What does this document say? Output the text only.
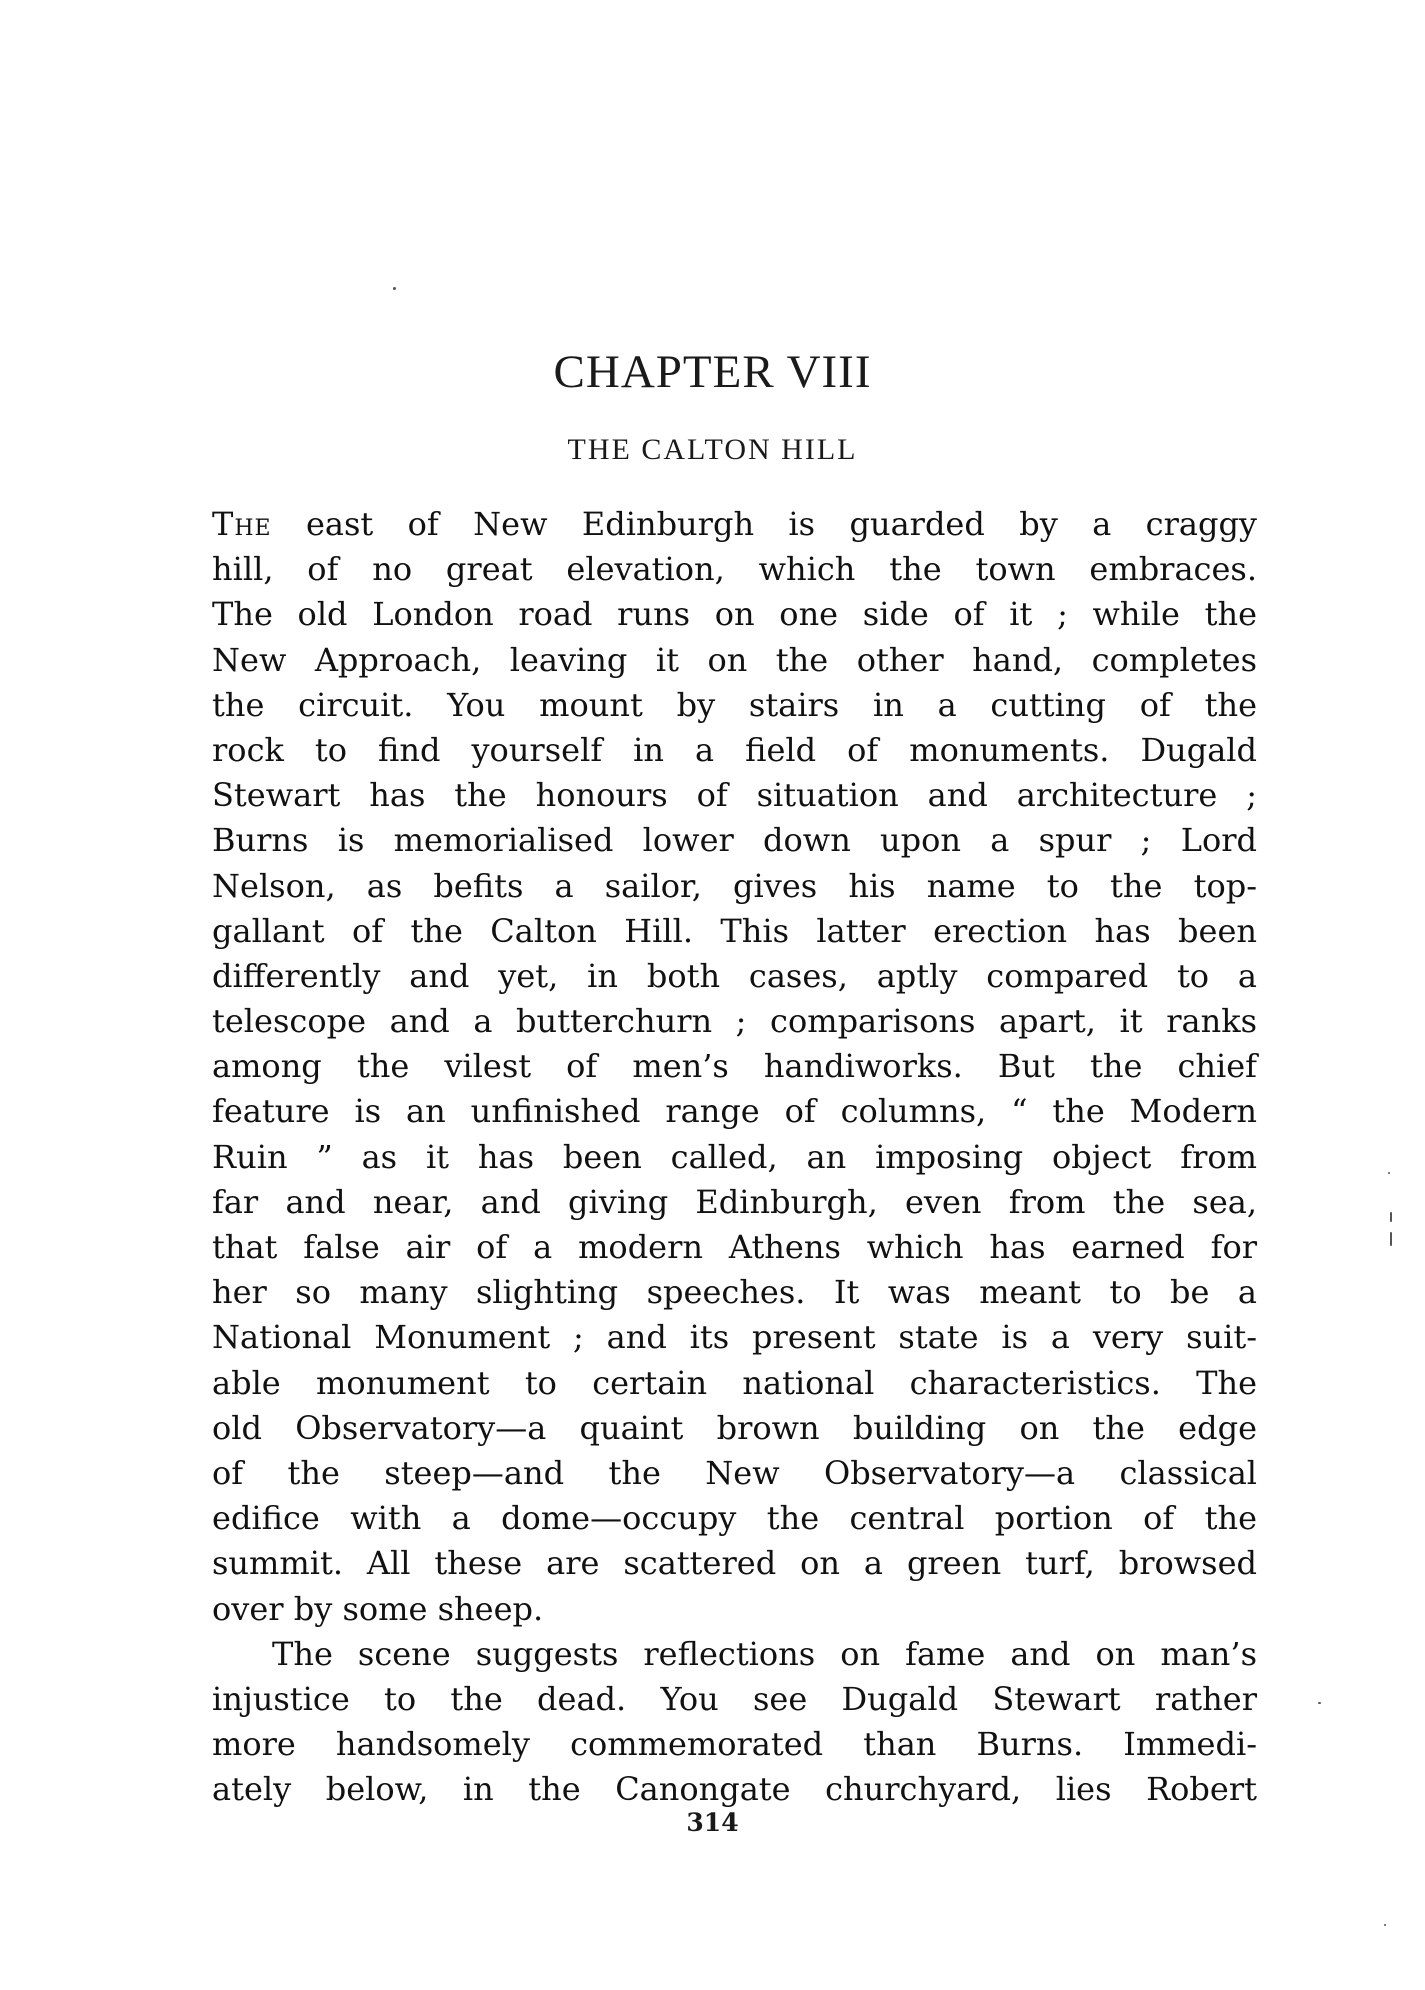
CHAPTER VIII
THE CALTON HILL
The east of New Edinburgh is guarded by a craggy
hill, of no great elevation, which the town embraces.
The old London road runs on one side of it ; while the
New Approach, leaving it on the other hand, completes
the circuit. You mount by stairs in a cutting of the
rock to find yourself in a field of monuments. Dugald
Stewart has the honours of situation and architecture ;
Burns is memorialised lower down upon a spur ; Lord
Nelson, as befits a sailor, gives his name to the top-
gallant of the Calton Hill. This latter erection has been
differently and yet, in both cases, aptly compared to a
telescope and a butterchurn ; comparisons apart, it ranks
among the vilest of men’s handiworks. But the chief
feature is an unfinished range of columns, “ the Modern
Ruin ” as it has been called, an imposing object from
far and near, and giving Edinburgh, even from the sea,
that false air of a modern Athens which has earned for
her so many slighting speeches. It was meant to be a
National Monument ; and its present state is a very suit-
able monument to certain national characteristics. The
old Observatory—a quaint brown building on the edge
of the steep—and the New Observatory—a classical
edifice with a dome—occupy the central portion of the
summit. All these are scattered on a green turf, browsed
over by some sheep.
The scene suggests reflections on fame and on man’s
injustice to the dead. You see Dugald Stewart rather
more handsomely commemorated than Burns. Immedi-
ately below, in the Canongate churchyard, lies Robert
314
